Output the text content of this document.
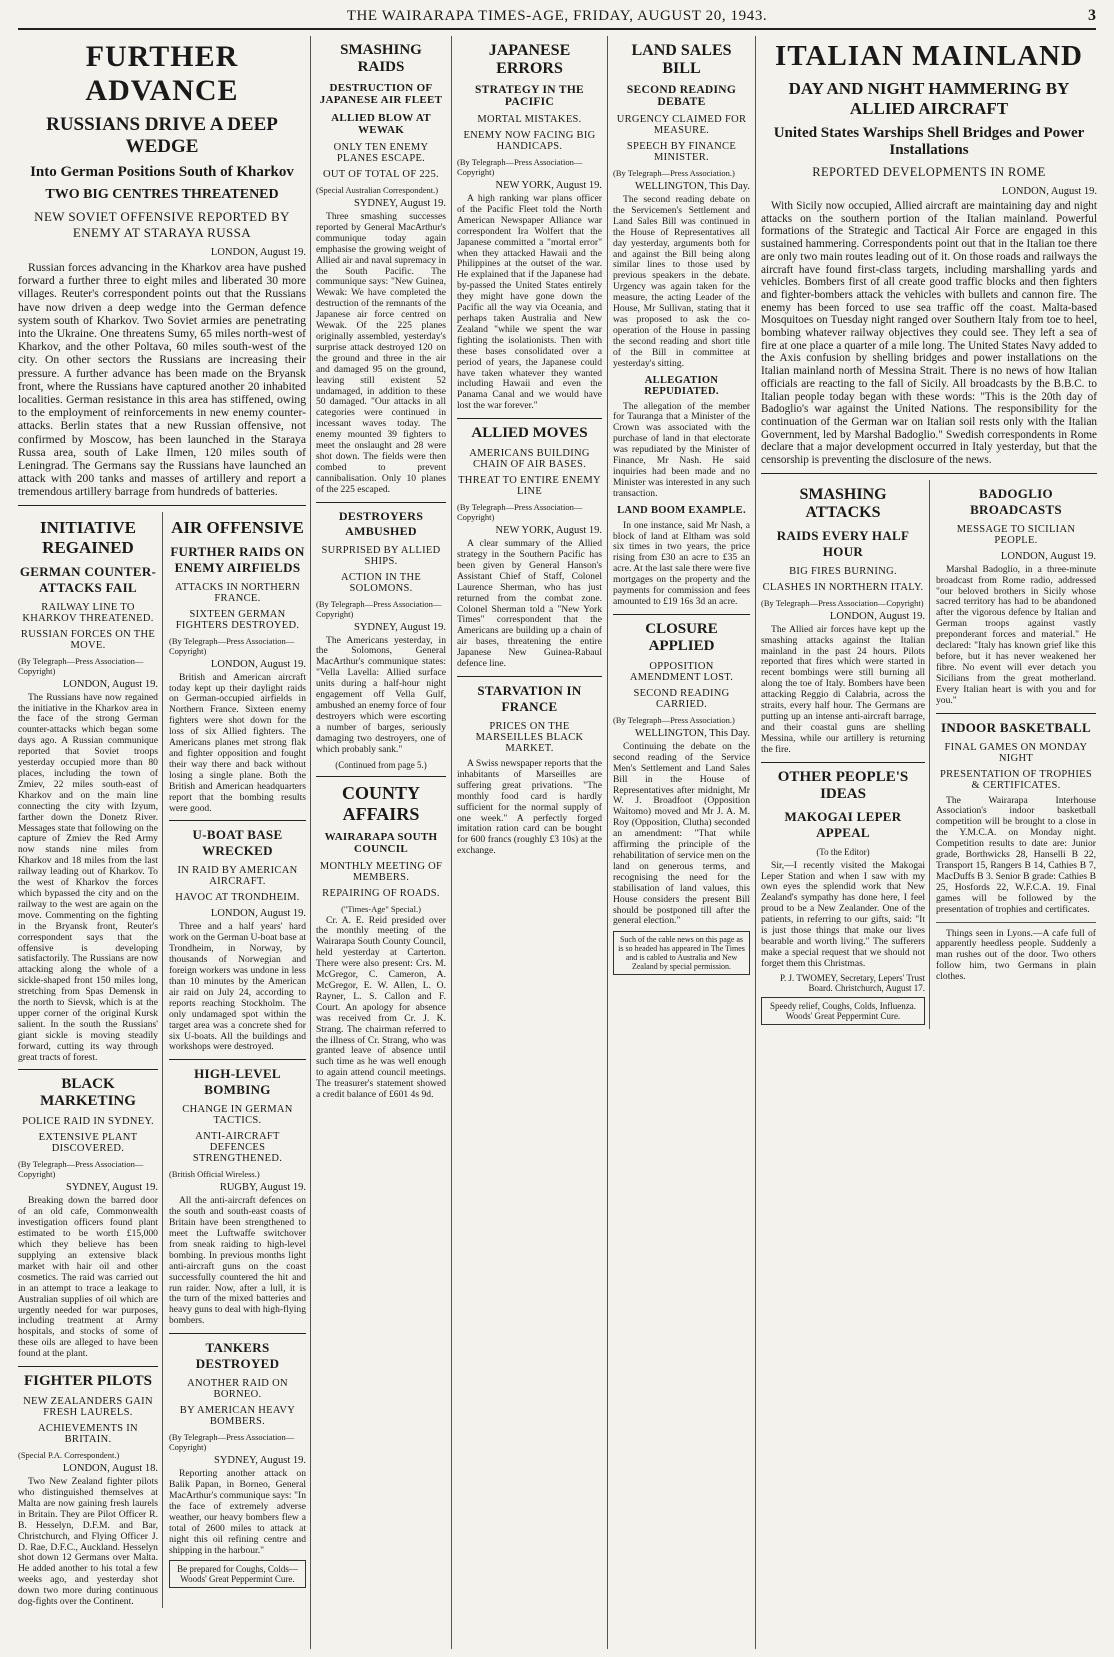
THE WAIRARAPA TIMES-AGE, FRIDAY, AUGUST 20, 1943.	3
FURTHER ADVANCE
RUSSIANS DRIVE A DEEP WEDGE
Into German Positions South of Kharkov
TWO BIG CENTRES THREATENED
NEW SOVIET OFFENSIVE REPORTED BY ENEMY AT STARAYA RUSSA
LONDON, August 19.

Russian forces advancing in the Kharkov area have pushed forward a further three to eight miles and liberated 30 more villages. Reuter's correspondent points out that the Russians have now driven a deep wedge into the German defence system south of Kharkov. Two Soviet armies are penetrating into the Ukraine. One threatens Sumy, 65 miles north-west of Kharkov, and the other Poltava, 60 miles south-west of the city. On other sectors the Russians are increasing their pressure. A further advance has been made on the Bryansk front, where the Russians have captured another 20 inhabited localities. German resistance in this area has stiffened, owing to the employment of reinforcements in new enemy counter-attacks. Berlin states that a new Russian offensive, not confirmed by Moscow, has been launched in the Staraya Russa area, south of Lake Ilmen, 120 miles south of Leningrad. The Germans say the Russians have launched an attack with 200 tanks and masses of artillery and report a tremendous artillery barrage from hundreds of batteries.

INITIATIVE REGAINED
GERMAN COUNTER-ATTACKS FAIL
RAILWAY LINE TO KHARKOV THREATENED.
RUSSIAN FORCES ON THE MOVE.
(By Telegraph—Press Association—Copyright)
LONDON, August 19.

The Russians have now regained the initiative in the Kharkov area in the face of the strong German counter-attacks which began some days ago. A Russian communique reported that Soviet troops yesterday occupied more than 80 places, including the town of Zmiev, 22 miles south-east of Kharkov and on the main line connecting the city with Izyum, farther down the Donetz River. Messages state that following on the capture of Zmiev the Red Army now stands nine miles from Kharkov and 18 miles from the last railway leading out of Kharkov. To the west of Kharkov the forces which bypassed the city and on the railway to the west are again on the move. Commenting on the fighting in the Bryansk front, Reuter's correspondent says that the offensive is developing satisfactorily. The Russians are now attacking along the whole of a sickle-shaped front 150 miles long, stretching from Spas Demensk in the north to Sievsk, which is at the upper corner of the original Kursk salient. In the south the Russians' giant sickle is moving steadily forward, cutting its way through great tracts of forest.

BLACK MARKETING
POLICE RAID IN SYDNEY.
EXTENSIVE PLANT DISCOVERED.
(By Telegraph—Press Association—Copyright)
SYDNEY, August 19.

Breaking down the barred door of an old cafe, Commonwealth investigation officers found plant estimated to be worth £15,000 which they believe has been supplying an extensive black market with hair oil and other cosmetics. The raid was carried out in an attempt to trace a leakage to Australian supplies of oil which are urgently needed for war purposes, including treatment at Army hospitals, and stocks of some of these oils are alleged to have been found at the plant.

FIGHTER PILOTS
NEW ZEALANDERS GAIN FRESH LAURELS.
ACHIEVEMENTS IN BRITAIN.
(Special P.A. Correspondent.)
LONDON, August 18.

Two New Zealand fighter pilots who distinguished themselves at Malta are now gaining fresh laurels in Britain. They are Pilot Officer R. B. Hesselyn, D.F.M. and Bar, Christchurch, and Flying Officer J. D. Rae, D.F.C., Auckland. Hesselyn shot down 12 Germans over Malta. He added another to his total a few weeks ago, and yesterday shot down two more during continuous dog-fights over the Continent.

AIR OFFENSIVE
FURTHER RAIDS ON ENEMY AIRFIELDS
ATTACKS IN NORTHERN FRANCE.
SIXTEEN GERMAN FIGHTERS DESTROYED.
(By Telegraph—Press Association—Copyright)
LONDON, August 19.

British and American aircraft today kept up their daylight raids on German-occupied airfields in Northern France. Sixteen enemy fighters were shot down for the loss of six Allied fighters. The Americans planes met strong flak and fighter opposition and fought their way there and back without losing a single plane. Both the British and American headquarters report that the bombing results were good.

U-BOAT BASE WRECKED
IN RAID BY AMERICAN AIRCRAFT.
HAVOC AT TRONDHEIM.
LONDON, August 19.

Three and a half years' hard work on the German U-boat base at Trondheim, in Norway, by thousands of Norwegian and foreign workers was undone in less than 10 minutes by the American air raid on July 24, according to reports reaching Stockholm. The only undamaged spot within the target area was a concrete shed for six U-boats. All the buildings and workshops were destroyed.

HIGH-LEVEL BOMBING
CHANGE IN GERMAN TACTICS.
ANTI-AIRCRAFT DEFENCES STRENGTHENED.
(British Official Wireless.)
RUGBY, August 19.

All the anti-aircraft defences on the south and south-east coasts of Britain have been strengthened to meet the Luftwaffe switchover from sneak raiding to high-level bombing. In previous months light anti-aircraft guns on the coast successfully countered the hit and run raider. Now, after a lull, it is the turn of the mixed batteries and heavy guns to deal with high-flying bombers.

TANKERS DESTROYED
ANOTHER RAID ON BORNEO.
BY AMERICAN HEAVY BOMBERS.
(By Telegraph—Press Association—Copyright)
SYDNEY, August 19.

Reporting another attack on Balik Papan, in Borneo, General MacArthur's communique says: "In the face of extremely adverse weather, our heavy bombers flew a total of 2600 miles to attack at night this oil refining centre and shipping in the harbour."

Be prepared for Coughs, Colds—Woods' Great Peppermint Cure.
SMASHING RAIDS
DESTRUCTION OF JAPANESE AIR FLEET
ALLIED BLOW AT WEWAK
ONLY TEN ENEMY PLANES ESCAPE.
OUT OF TOTAL OF 225.
(Special Australian Correspondent.)
SYDNEY, August 19.

Three smashing successes reported by General MacArthur's communique today again emphasise the growing weight of Allied air and naval supremacy in the South Pacific. The communique says: "New Guinea, Wewak: We have completed the destruction of the remnants of the Japanese air force centred on Wewak. Of the 225 planes originally assembled, yesterday's surprise attack destroyed 120 on the ground and three in the air and damaged 95 on the ground, leaving still existent 52 undamaged, in addition to these 50 damaged. "Our attacks in all categories were continued in incessant waves today. The enemy mounted 39 fighters to meet the onslaught and 28 were shot down. The fields were then combed to prevent cannibalisation. Only 10 planes of the 225 escaped.

DESTROYERS AMBUSHED
SURPRISED BY ALLIED SHIPS.
ACTION IN THE SOLOMONS.
(By Telegraph—Press Association—Copyright)
SYDNEY, August 19.

The Americans yesterday, in the Solomons, General MacArthur's communique states: "Vella Lavella: Allied surface units during a half-hour night engagement off Vella Gulf, ambushed an enemy force of four destroyers which were escorting a number of barges, seriously damaging two destroyers, one of which probably sank."

(Continued from page 5.)
COUNTY AFFAIRS
WAIRARAPA SOUTH COUNCIL
MONTHLY MEETING OF MEMBERS.
REPAIRING OF ROADS.
("Times-Age" Special.)

Cr. A. E. Reid presided over the monthly meeting of the Wairarapa South County Council, held yesterday at Carterton. There were also present: Crs. M. McGregor, C. Cameron, A. McGregor, E. W. Allen, L. O. Rayner, L. S. Callon and F. Court. An apology for absence was received from Cr. J. K. Strang. The chairman referred to the illness of Cr. Strang, who was granted leave of absence until such time as he was well enough to again attend council meetings. The treasurer's statement showed a credit balance of £601 4s 9d.

JAPANESE ERRORS
STRATEGY IN THE PACIFIC
MORTAL MISTAKES.
ENEMY NOW FACING BIG HANDICAPS.
(By Telegraph—Press Association—Copyright)
NEW YORK, August 19.

A high ranking war plans officer of the Pacific Fleet told the North American Newspaper Alliance war correspondent Ira Wolfert that the Japanese committed a "mortal error" when they attacked Hawaii and the Philippines at the outset of the war. He explained that if the Japanese had by-passed the United States entirely they might have gone down the Pacific all the way via Oceania, and perhaps taken Australia and New Zealand "while we spent the war fighting the isolationists. Then with these bases consolidated over a period of years, the Japanese could have taken whatever they wanted including Hawaii and even the Panama Canal and we would have lost the war forever."

ALLIED MOVES
AMERICANS BUILDING CHAIN OF AIR BASES.
THREAT TO ENTIRE ENEMY LINE
(By Telegraph—Press Association—Copyright)
NEW YORK, August 19.

A clear summary of the Allied strategy in the Southern Pacific has been given by General Hanson's Assistant Chief of Staff, Colonel Laurence Sherman, who has just returned from the combat zone. Colonel Sherman told a "New York Times" correspondent that the Americans are building up a chain of air bases, threatening the entire Japanese New Guinea-Rabaul defence line.

STARVATION IN FRANCE
PRICES ON THE MARSEILLES BLACK MARKET.

A Swiss newspaper reports that the inhabitants of Marseilles are suffering great privations. "The monthly food card is hardly sufficient for the normal supply of one week." A perfectly forged imitation ration card can be bought for 600 francs (roughly £3 10s) at the exchange.

LAND SALES BILL
SECOND READING DEBATE
URGENCY CLAIMED FOR MEASURE.
SPEECH BY FINANCE MINISTER.
(By Telegraph—Press Association.)
WELLINGTON, This Day.

The second reading debate on the Servicemen's Settlement and Land Sales Bill was continued in the House of Representatives all day yesterday, arguments both for and against the Bill being along similar lines to those used by previous speakers in the debate. Urgency was again taken for the measure, the acting Leader of the House, Mr Sullivan, stating that it was proposed to ask the co-operation of the House in passing the second reading and short title of the Bill in committee at yesterday's sitting.

ALLEGATION REPUDIATED.

The allegation of the member for Tauranga that a Minister of the Crown was associated with the purchase of land in that electorate was repudiated by the Minister of Finance, Mr Nash. He said inquiries had been made and no Minister was interested in any such transaction.

LAND BOOM EXAMPLE.

In one instance, said Mr Nash, a block of land at Eltham was sold six times in two years, the price rising from £30 an acre to £35 an acre. At the last sale there were five mortgages on the property and the payments for commission and fees amounted to £19 16s 3d an acre.

CLOSURE APPLIED
OPPOSITION AMENDMENT LOST.
SECOND READING CARRIED.
(By Telegraph—Press Association.)
WELLINGTON, This Day.

Continuing the debate on the second reading of the Service Men's Settlement and Land Sales Bill in the House of Representatives after midnight, Mr W. J. Broadfoot (Opposition Waitomo) moved and Mr J. A. M. Roy (Opposition, Clutha) seconded an amendment: "That while affirming the principle of the rehabilitation of service men on the land on generous terms, and recognising the need for the stabilisation of land values, this House considers the present Bill should be postponed till after the general election."

Such of the cable news on this page as is so headed has appeared in The Times and is cabled to Australia and New Zealand by special permission.
ITALIAN MAINLAND
DAY AND NIGHT HAMMERING BY ALLIED AIRCRAFT
United States Warships Shell Bridges and Power Installations
REPORTED DEVELOPMENTS IN ROME
LONDON, August 19.

With Sicily now occupied, Allied aircraft are maintaining day and night attacks on the southern portion of the Italian mainland. Powerful formations of the Strategic and Tactical Air Force are engaged in this sustained hammering. Correspondents point out that in the Italian toe there are only two main routes leading out of it. On those roads and railways the aircraft have found first-class targets, including marshalling yards and vehicles. Bombers first of all create good traffic blocks and then fighters and fighter-bombers attack the vehicles with bullets and cannon fire. The enemy has been forced to use sea traffic off the coast. Malta-based Mosquitoes on Tuesday night ranged over Southern Italy from toe to heel, bombing whatever railway objectives they could see. They left a sea of fire at one place a quarter of a mile long. The United States Navy added to the Axis confusion by shelling bridges and power installations on the Italian mainland north of Messina Strait. There is no news of how Italian officials are reacting to the fall of Sicily. All broadcasts by the B.B.C. to Italian people today began with these words: "This is the 20th day of Badoglio's war against the United Nations. The responsibility for the continuation of the German war on Italian soil rests only with the Italian Government, led by Marshal Badoglio." Swedish correspondents in Rome declare that a major development occurred in Italy yesterday, but that the censorship is preventing the disclosure of the news.

SMASHING ATTACKS
RAIDS EVERY HALF HOUR
BIG FIRES BURNING.
CLASHES IN NORTHERN ITALY.
(By Telegraph—Press Association—Copyright)
LONDON, August 19.

The Allied air forces have kept up the smashing attacks against the Italian mainland in the past 24 hours. Pilots reported that fires which were started in recent bombings were still burning all along the toe of Italy. Bombers have been attacking Reggio di Calabria, across the straits, every half hour. The Germans are putting up an intense anti-aircraft barrage, and their coastal guns are shelling Messina, while our artillery is returning the fire.

OTHER PEOPLE'S IDEAS
MAKOGAI LEPER APPEAL
(To the Editor)

Sir,—I recently visited the Makogai Leper Station and when I saw with my own eyes the splendid work that New Zealand's sympathy has done here, I feel proud to be a New Zealander. One of the patients, in referring to our gifts, said: "It is just those things that make our lives bearable and worth living." The sufferers make a special request that we should not forget them this Christmas.

P. J. TWOMEY, Secretary, Lepers' Trust Board. Christchurch, August 17.
Speedy relief, Coughs, Colds, Influenza. Woods' Great Peppermint Cure.
BADOGLIO BROADCASTS
MESSAGE TO SICILIAN PEOPLE.
LONDON, August 19.

Marshal Badoglio, in a three-minute broadcast from Rome radio, addressed "our beloved brothers in Sicily whose sacred territory has had to be abandoned after the vigorous defence by Italian and German troops against vastly preponderant forces and material." He declared: "Italy has known grief like this before, but it has never weakened her fibre. No event will ever detach you Sicilians from the great motherland. Every Italian heart is with you and for you."

INDOOR BASKETBALL
FINAL GAMES ON MONDAY NIGHT
PRESENTATION OF TROPHIES & CERTIFICATES.

The Wairarapa Interhouse Association's indoor basketball competition will be brought to a close in the Y.M.C.A. on Monday night. Competition results to date are: Junior grade, Borthwicks 28, Hanselli B 22, Transport 15, Rangers B 14, Cathies B 7, MacDuffs B 3. Senior B grade: Cathies B 25, Hosfords 22, W.F.C.A. 19. Final games will be followed by the presentation of trophies and certificates.

Things seen in Lyons.—A cafe full of apparently heedless people. Suddenly a man rushes out of the door. Two others follow him, two Germans in plain clothes.
